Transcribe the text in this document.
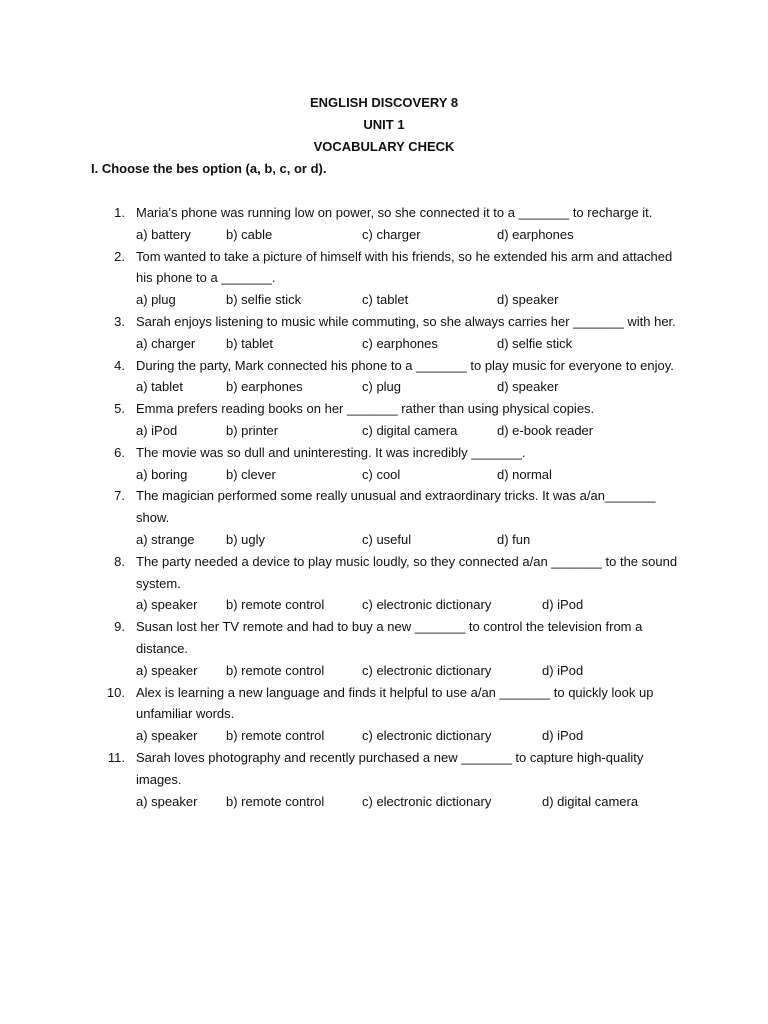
ENGLISH DISCOVERY 8
UNIT 1
VOCABULARY CHECK
I. Choose the bes option (a, b, c, or d).
1. Maria's phone was running low on power, so she connected it to a _______ to recharge it.
a) battery	b) cable	c) charger	d) earphones
2. Tom wanted to take a picture of himself with his friends, so he extended his arm and attached his phone to a _______.
a) plug	b) selfie stick	c) tablet	d) speaker
3. Sarah enjoys listening to music while commuting, so she always carries her _______ with her.
a) charger b) tablet	c) earphones	d) selfie stick
4. During the party, Mark connected his phone to a _______ to play music for everyone to enjoy.
a) tablet	b) earphones	c) plug	d) speaker
5. Emma prefers reading books on her _______ rather than using physical copies.
a) iPod	b) printer	c) digital camera	d) e-book reader
6. The movie was so dull and uninteresting. It was incredibly _______.
a) boring	b) clever	c) cool	d) normal
7. The magician performed some really unusual and extraordinary tricks. It was a/an_______ show.
a) strange b) ugly	c) useful	d) fun
8. The party needed a device to play music loudly, so they connected a/an _______ to the sound system.
a) speaker b) remote control	c) electronic dictionary	d) iPod
9. Susan lost her TV remote and had to buy a new _______ to control the television from a distance.
a) speaker b) remote control	c) electronic dictionary	d) iPod
10. Alex is learning a new language and finds it helpful to use a/an _______ to quickly look up unfamiliar words.
a) speaker b) remote control	c) electronic dictionary	d) iPod
11. Sarah loves photography and recently purchased a new _______ to capture high-quality images.
a) speaker b) remote control	c) electronic dictionary	d) digital camera
